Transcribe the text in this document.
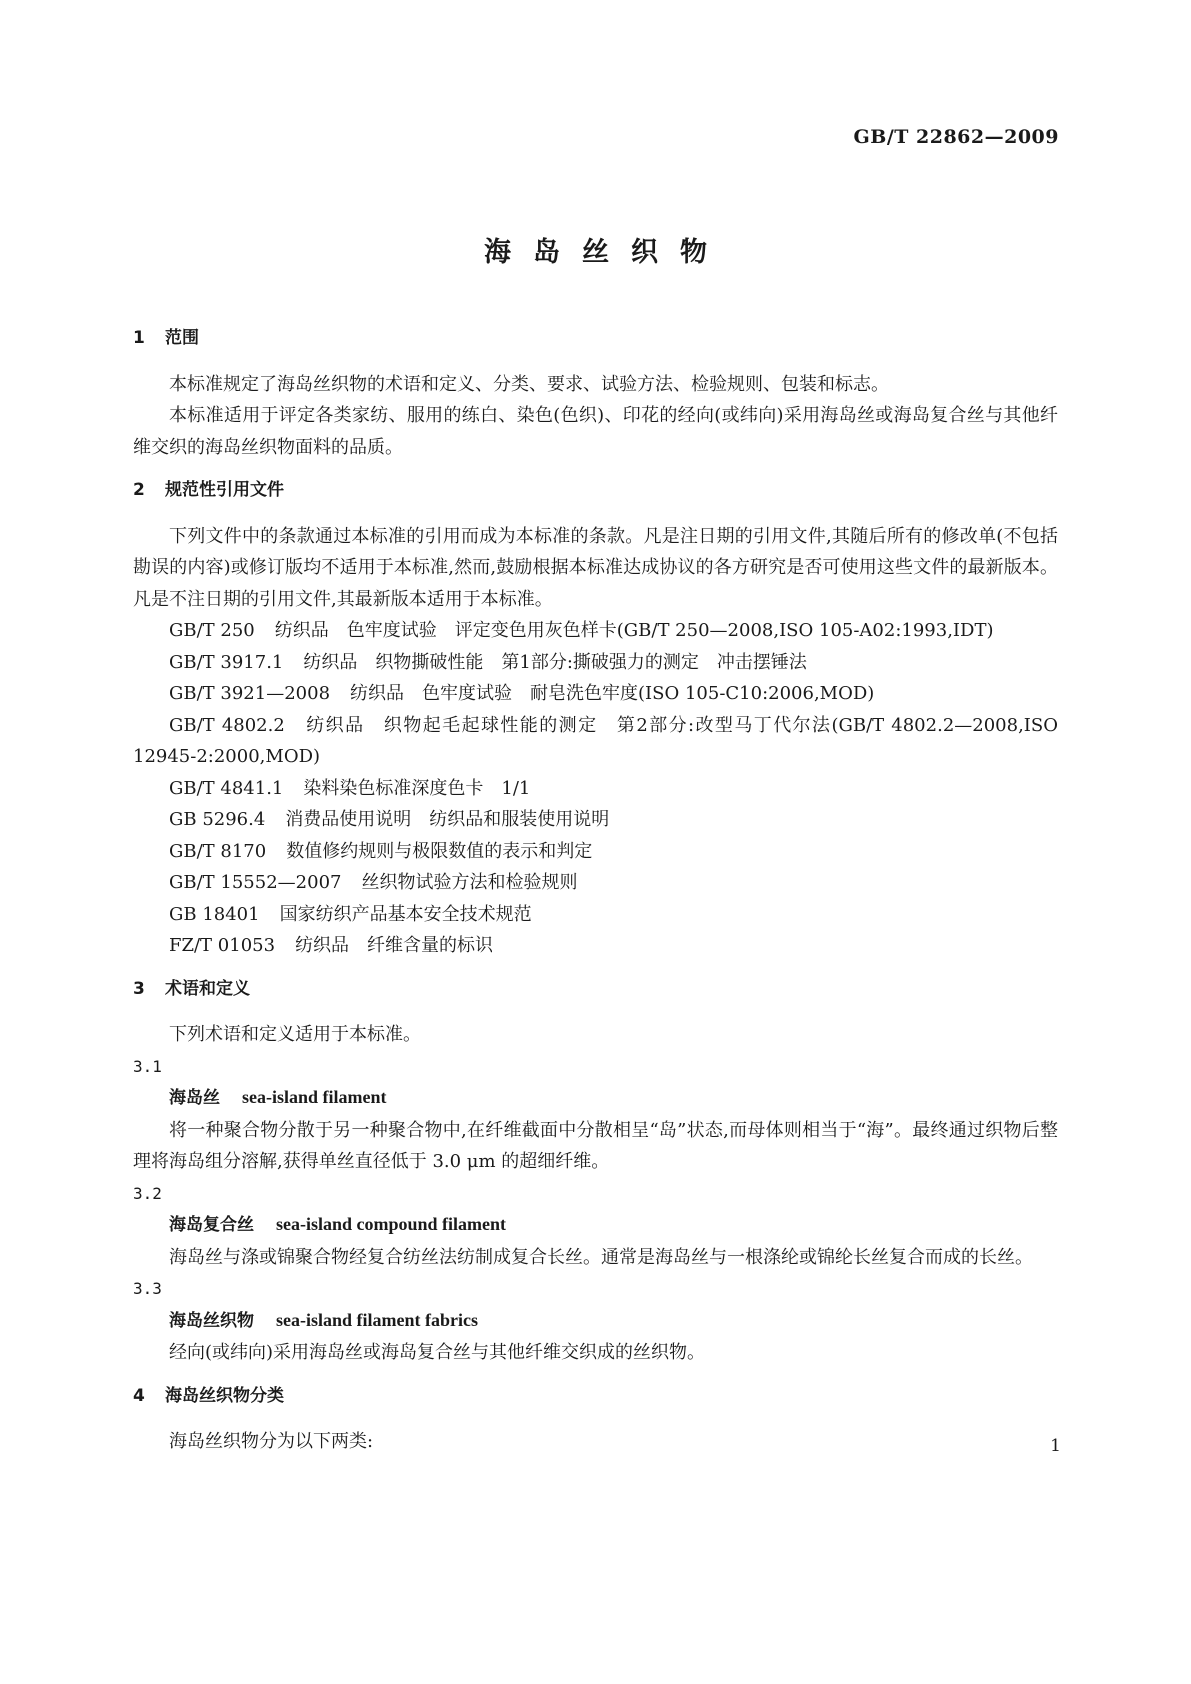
GB/T 22862—2009
海岛丝织物
1 范围

本标准规定了海岛丝织物的术语和定义、分类、要求、试验方法、检验规则、包装和标志。

本标准适用于评定各类家纺、服用的练白、染色(色织)、印花的经向(或纬向)采用海岛丝或海岛复合丝与其他纤维交织的海岛丝织物面料的品质。

2 规范性引用文件

下列文件中的条款通过本标准的引用而成为本标准的条款。凡是注日期的引用文件,其随后所有的修改单(不包括勘误的内容)或修订版均不适用于本标准,然而,鼓励根据本标准达成协议的各方研究是否可使用这些文件的最新版本。凡是不注日期的引用文件,其最新版本适用于本标准。

GB/T 250 纺织品　色牢度试验　评定变色用灰色样卡(GB/T 250—2008,ISO 105-A02:1993,IDT)

GB/T 3917.1 纺织品　织物撕破性能　第1部分:撕破强力的测定　冲击摆锤法

GB/T 3921—2008 纺织品　色牢度试验　耐皂洗色牢度(ISO 105-C10:2006,MOD)

GB/T 4802.2 纺织品　织物起毛起球性能的测定　第2部分:改型马丁代尔法(GB/T 4802.2—2008,ISO 12945-2:2000,MOD)

GB/T 4841.1 染料染色标准深度色卡　1/1

GB 5296.4 消费品使用说明　纺织品和服装使用说明

GB/T 8170 数值修约规则与极限数值的表示和判定

GB/T 15552—2007 丝织物试验方法和检验规则

GB 18401 国家纺织产品基本安全技术规范

FZ/T 01053 纺织品　纤维含量的标识

3 术语和定义

下列术语和定义适用于本标准。

3.1

海岛丝 sea-island filament

将一种聚合物分散于另一种聚合物中,在纤维截面中分散相呈“岛”状态,而母体则相当于“海”。最终通过织物后整理将海岛组分溶解,获得单丝直径低于 3.0 μm 的超细纤维。

3.2

海岛复合丝 sea-island compound filament

海岛丝与涤或锦聚合物经复合纺丝法纺制成复合长丝。通常是海岛丝与一根涤纶或锦纶长丝复合而成的长丝。

3.3

海岛丝织物 sea-island filament fabrics

经向(或纬向)采用海岛丝或海岛复合丝与其他纤维交织成的丝织物。

4 海岛丝织物分类

海岛丝织物分为以下两类:	1
